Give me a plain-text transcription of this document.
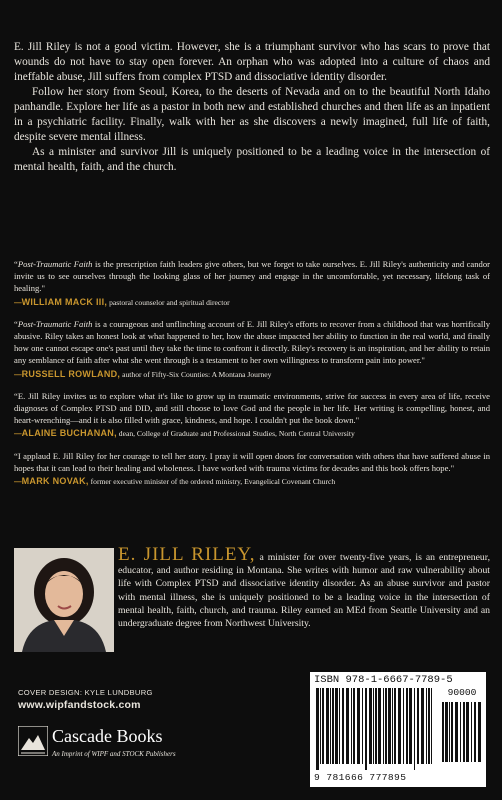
E. Jill Riley is not a good victim. However, she is a triumphant survivor who has scars to prove that wounds do not have to stay open forever. An orphan who was adopted into a culture of chaos and ineffable abuse, Jill suffers from complex PTSD and dissociative identity disorder.

Follow her story from Seoul, Korea, to the deserts of Nevada and on to the beautiful North Idaho panhandle. Explore her life as a pastor in both new and established churches and then life as an inpatient in a psychiatric facility. Finally, walk with her as she discovers a newly imagined, full life of faith, despite severe mental illness.

As a minister and survivor Jill is uniquely positioned to be a leading voice in the intersection of mental health, faith, and the church.

“Post-Traumatic Faith is the prescription faith leaders give others, but we forget to take ourselves. E. Jill Riley's authenticity and candor invite us to see ourselves through the looking glass of her journey and engage in the uncomfortable, yet necessary, lifelong task of healing."
—WILLIAM MACK III, pastoral counselor and spiritual director
“Post-Traumatic Faith is a courageous and unflinching account of E. Jill Riley's efforts to recover from a childhood that was horrifically abusive. Riley takes an honest look at what happened to her, how the abuse impacted her ability to function in the real world, and finally how one cannot escape one's past until they take the time to confront it directly. Riley's recovery is an inspiration, and her ability to retain any semblance of faith after what she went through is a testament to her own willingness to transform pain into power."
—RUSSELL ROWLAND, author of Fifty-Six Counties: A Montana Journey
“E. Jill Riley invites us to explore what it's like to grow up in traumatic environments, strive for success in every area of life, receive diagnoses of Complex PTSD and DID, and still choose to love God and the people in her life. Her writing is compelling, honest, and heart-wrenching—and it is also filled with grace, kindness, and hope. I couldn't put the book down."
—ALAINE BUCHANAN, dean, College of Graduate and Professional Studies, North Central University
“I applaud E. Jill Riley for her courage to tell her story. I pray it will open doors for conversation with others that have suffered abuse in hopes that it can lead to their healing and wholeness. I have worked with trauma victims for decades and this book offers hope."
—MARK NOVAK, former executive minister of the ordered ministry, Evangelical Covenant Church
E. JILL RILEY, a minister for over twenty-five years, is an entrepreneur, educator, and author residing in Montana. She writes with humor and raw vulnerability about life with Complex PTSD and dissociative identity disorder. As an abuse survivor and pastor with mental illness, she is uniquely positioned to be a leading voice in the intersection of mental health, faith, church, and trauma. Riley earned an MEd from Seattle University and an undergraduate degree from Northwest University.
COVER DESIGN: KYLE LUNDBURG
www.wipfandstock.com
Cascade Books
An Imprint of WIPF and STOCK Publishers
ISBN 978-1-6667-7789-5
90000
9 781666 777895
